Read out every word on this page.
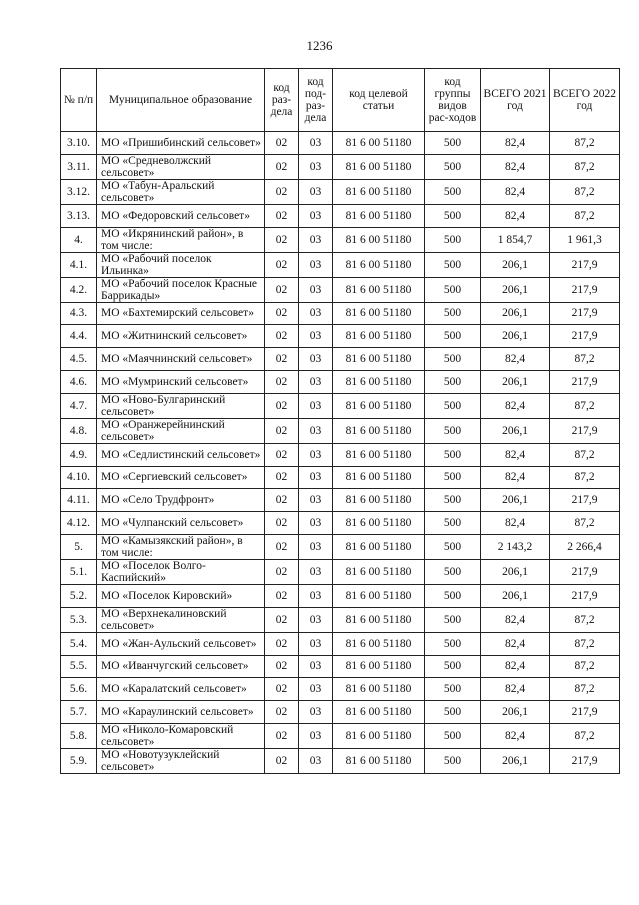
1236
№ п/п	Муниципальное образование	код раз-дела	код под-раз-дела	код целевой статьи	код группы видов рас-ходов	ВСЕГО 2021 год	ВСЕГО 2022 год
3.10.	МО «Пришибинский сельсовет»	02	03	81 6 00 51180	500	82,4	87,2
3.11.	МО «Средневолжский сельсовет»	02	03	81 6 00 51180	500	82,4	87,2
3.12.	МО «Табун-Аральский сельсовет»	02	03	81 6 00 51180	500	82,4	87,2
3.13.	МО «Федоровский сельсовет»	02	03	81 6 00 51180	500	82,4	87,2
4.	МО «Икрянинский район», в том числе:	02	03	81 6 00 51180	500	1 854,7	1 961,3
4.1.	МО «Рабочий поселок Ильинка»	02	03	81 6 00 51180	500	206,1	217,9
4.2.	МО «Рабочий поселок Красные Баррикады»	02	03	81 6 00 51180	500	206,1	217,9
4.3.	МО «Бахтемирский сельсовет»	02	03	81 6 00 51180	500	206,1	217,9
4.4.	МО «Житнинский сельсовет»	02	03	81 6 00 51180	500	206,1	217,9
4.5.	МО «Маячнинский сельсовет»	02	03	81 6 00 51180	500	82,4	87,2
4.6.	МО «Мумринский сельсовет»	02	03	81 6 00 51180	500	206,1	217,9
4.7.	МО «Ново-Булгаринский сельсовет»	02	03	81 6 00 51180	500	82,4	87,2
4.8.	МО «Оранжерейнинский сельсовет»	02	03	81 6 00 51180	500	206,1	217,9
4.9.	МО «Седлистинский сельсовет»	02	03	81 6 00 51180	500	82,4	87,2
4.10.	МО «Сергиевский сельсовет»	02	03	81 6 00 51180	500	82,4	87,2
4.11.	МО «Село Трудфронт»	02	03	81 6 00 51180	500	206,1	217,9
4.12.	МО «Чулпанский сельсовет»	02	03	81 6 00 51180	500	82,4	87,2
5.	МО «Камызякский район», в том числе:	02	03	81 6 00 51180	500	2 143,2	2 266,4
5.1.	МО «Поселок Волго-Каспийский»	02	03	81 6 00 51180	500	206,1	217,9
5.2.	МО «Поселок Кировский»	02	03	81 6 00 51180	500	206,1	217,9
5.3.	МО «Верхнекалиновский сельсовет»	02	03	81 6 00 51180	500	82,4	87,2
5.4.	МО «Жан-Аульский сельсовет»	02	03	81 6 00 51180	500	82,4	87,2
5.5.	МО «Иванчугский сельсовет»	02	03	81 6 00 51180	500	82,4	87,2
5.6.	МО «Каралатский сельсовет»	02	03	81 6 00 51180	500	82,4	87,2
5.7.	МО «Караулинский сельсовет»	02	03	81 6 00 51180	500	206,1	217,9
5.8.	МО «Николо-Комаровский сельсовет»	02	03	81 6 00 51180	500	82,4	87,2
5.9.	МО «Новотузуклейский сельсовет»	02	03	81 6 00 51180	500	206,1	217,9
